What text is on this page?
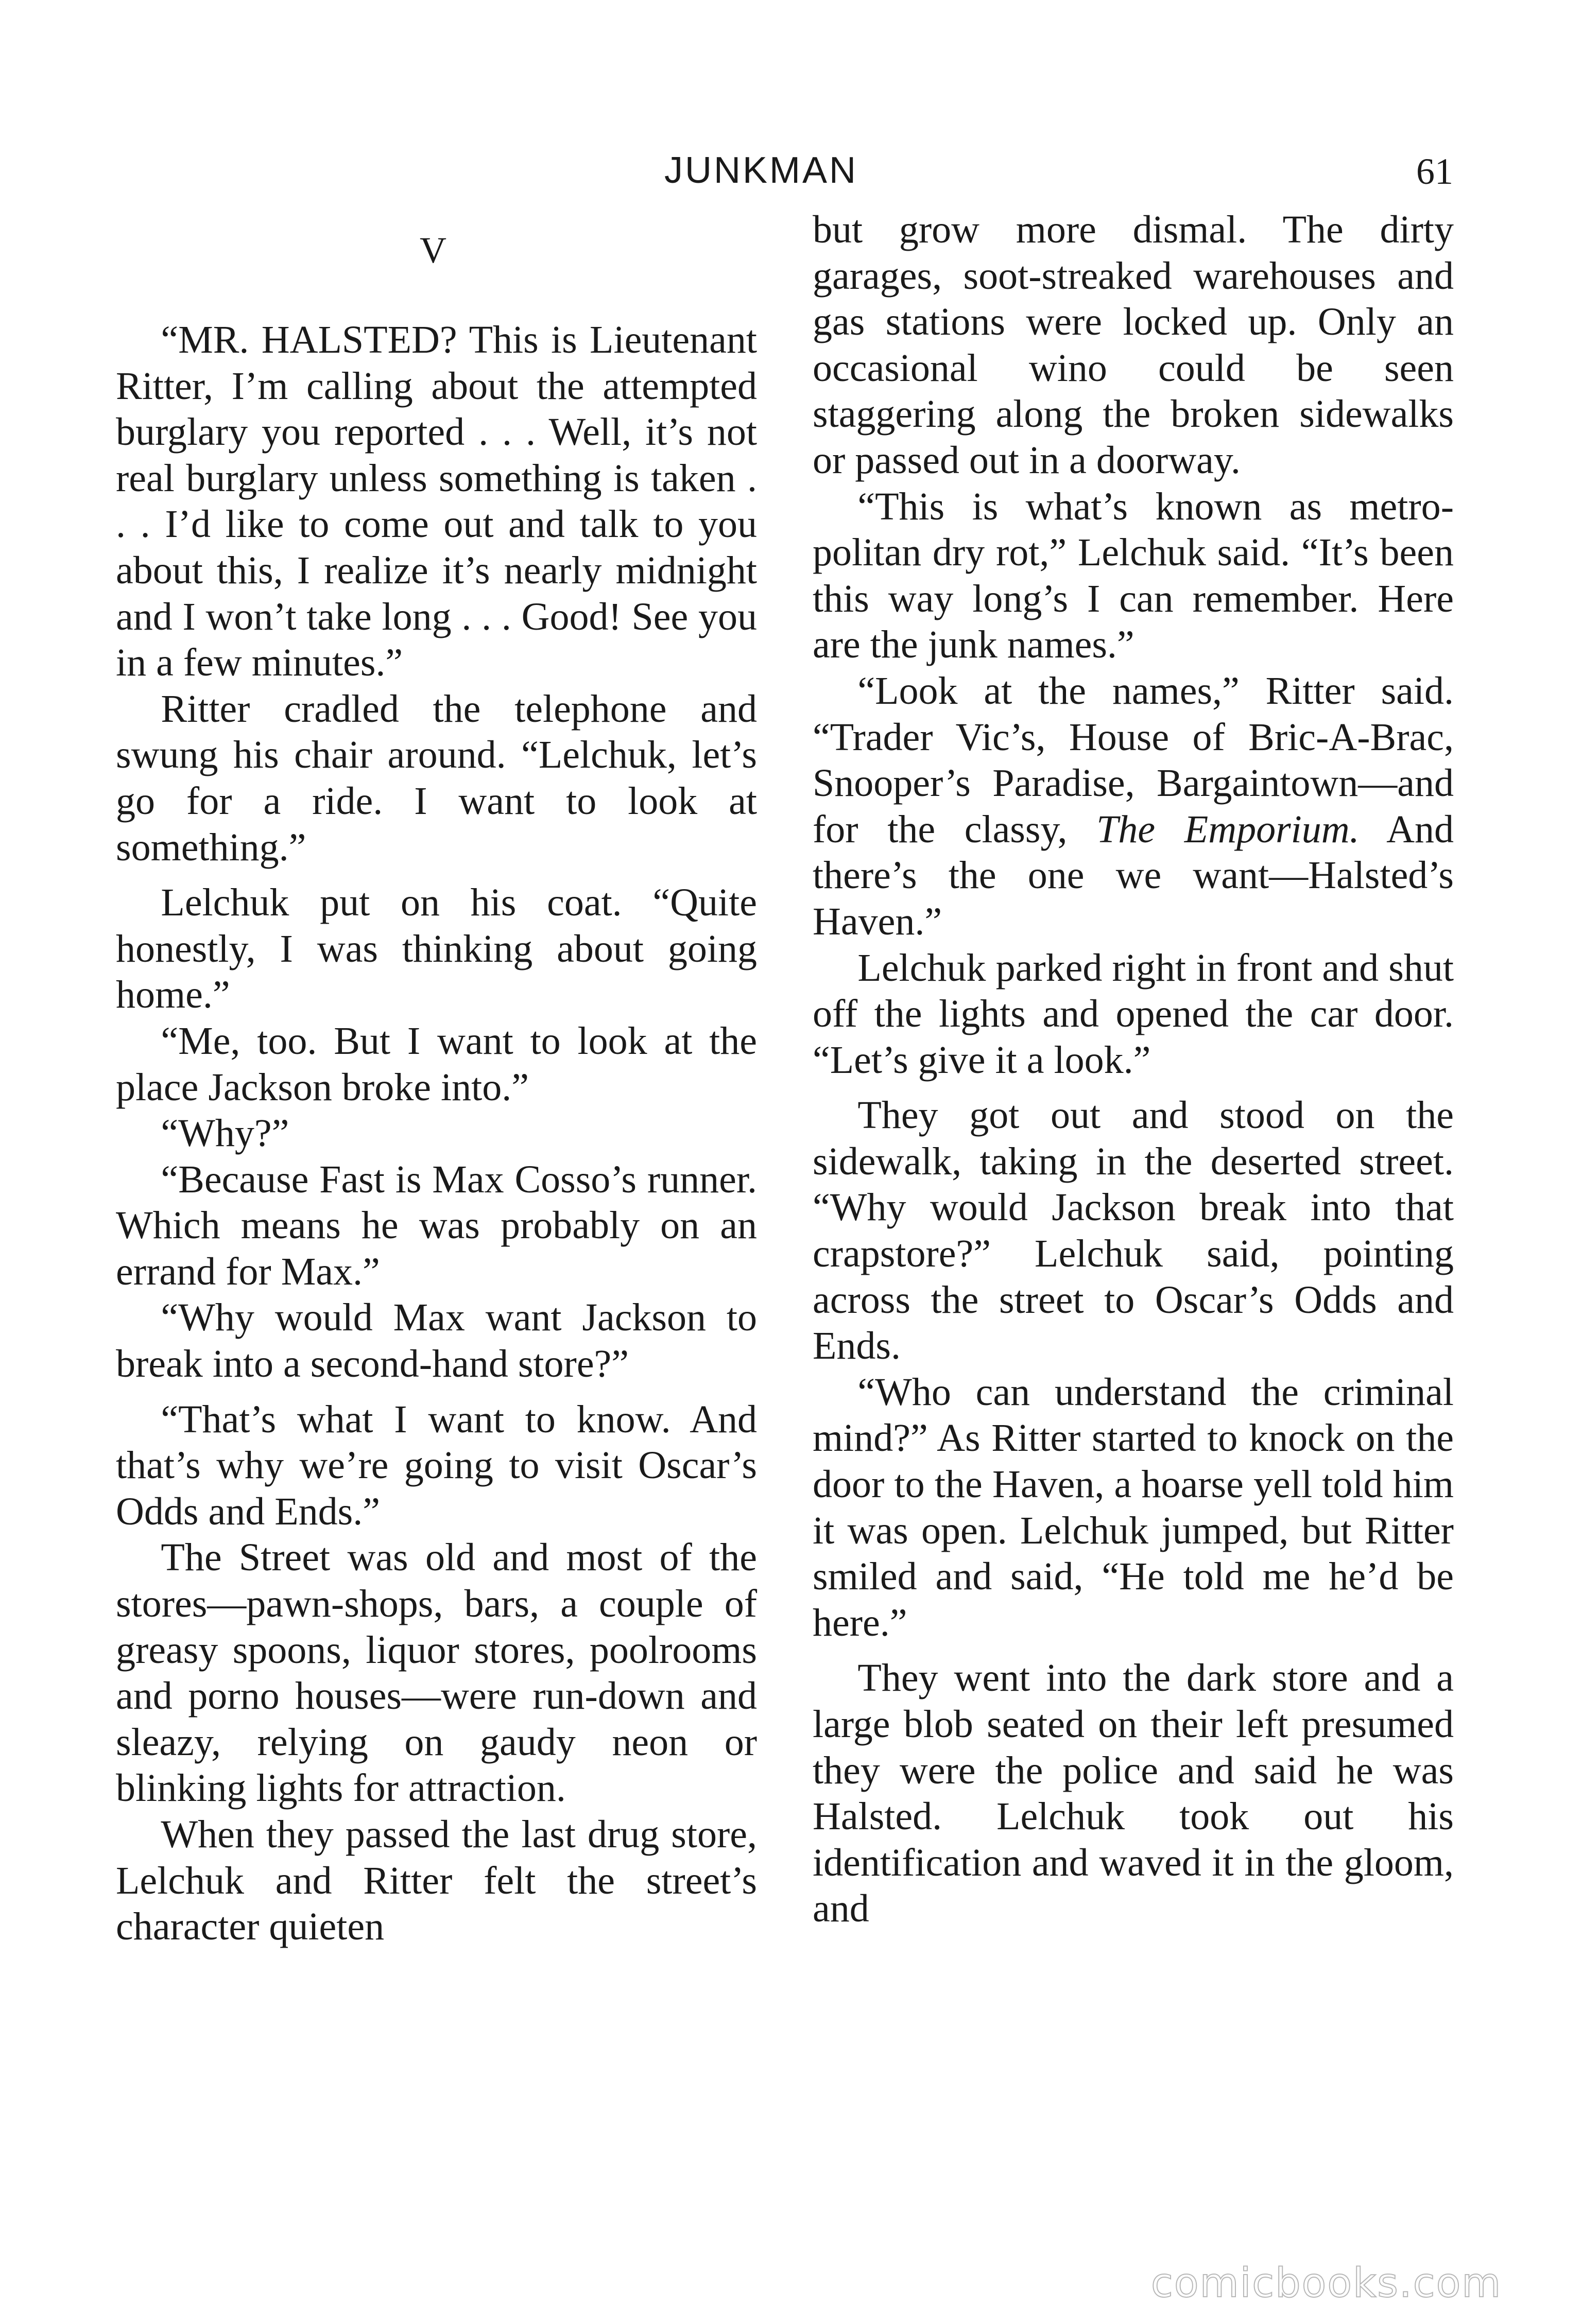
JUNKMAN	61
V

“MR. HALSTED? This is Lieutenant Ritter, I’m calling about the attempted burglary you reported . . . Well, it’s not real burglary unless something is taken . . . I’d like to come out and talk to you about this, I realize it’s nearly midnight and I won’t take long . . . Good! See you in a few minutes.”

Ritter cradled the telephone and swung his chair around. “Lelchuk, let’s go for a ride. I want to look at something.”

Lelchuk put on his coat. “Quite honestly, I was thinking about going home.”

“Me, too. But I want to look at the place Jackson broke into.”

“Why?”

“Because Fast is Max Cosso’s runner. Which means he was probably on an errand for Max.”

“Why would Max want Jackson to break into a second-hand store?”

“That’s what I want to know. And that’s why we’re going to visit Oscar’s Odds and Ends.”

The Street was old and most of the stores—pawn-shops, bars, a couple of greasy spoons, liquor stores, poolrooms and porno houses—were run-down and sleazy, relying on gaudy neon or blinking lights for attraction.

When they passed the last drug store, Lelchuk and Ritter felt the street’s character quieten

but grow more dismal. The dirty garages, soot-streaked warehouses and gas stations were locked up. Only an occasional wino could be seen staggering along the broken sidewalks or passed out in a doorway.

“This is what’s known as metropolitan dry rot,” Lelchuk said. “It’s been this way long’s I can remember. Here are the junk names.”

“Look at the names,” Ritter said. “Trader Vic’s, House of Bric-A-Brac, Snooper’s Paradise, Bargaintown—and for the classy, The Emporium. And there’s the one we want—Halsted’s Haven.”

Lelchuk parked right in front and shut off the lights and opened the car door. “Let’s give it a look.”

They got out and stood on the sidewalk, taking in the deserted street. “Why would Jackson break into that crapstore?” Lelchuk said, pointing across the street to Oscar’s Odds and Ends.

“Who can understand the criminal mind?” As Ritter started to knock on the door to the Haven, a hoarse yell told him it was open. Lelchuk jumped, but Ritter smiled and said, “He told me he’d be here.”

They went into the dark store and a large blob seated on their left presumed they were the police and said he was Halsted. Lelchuk took out his identification and waved it in the gloom, and

comicbooks.com
